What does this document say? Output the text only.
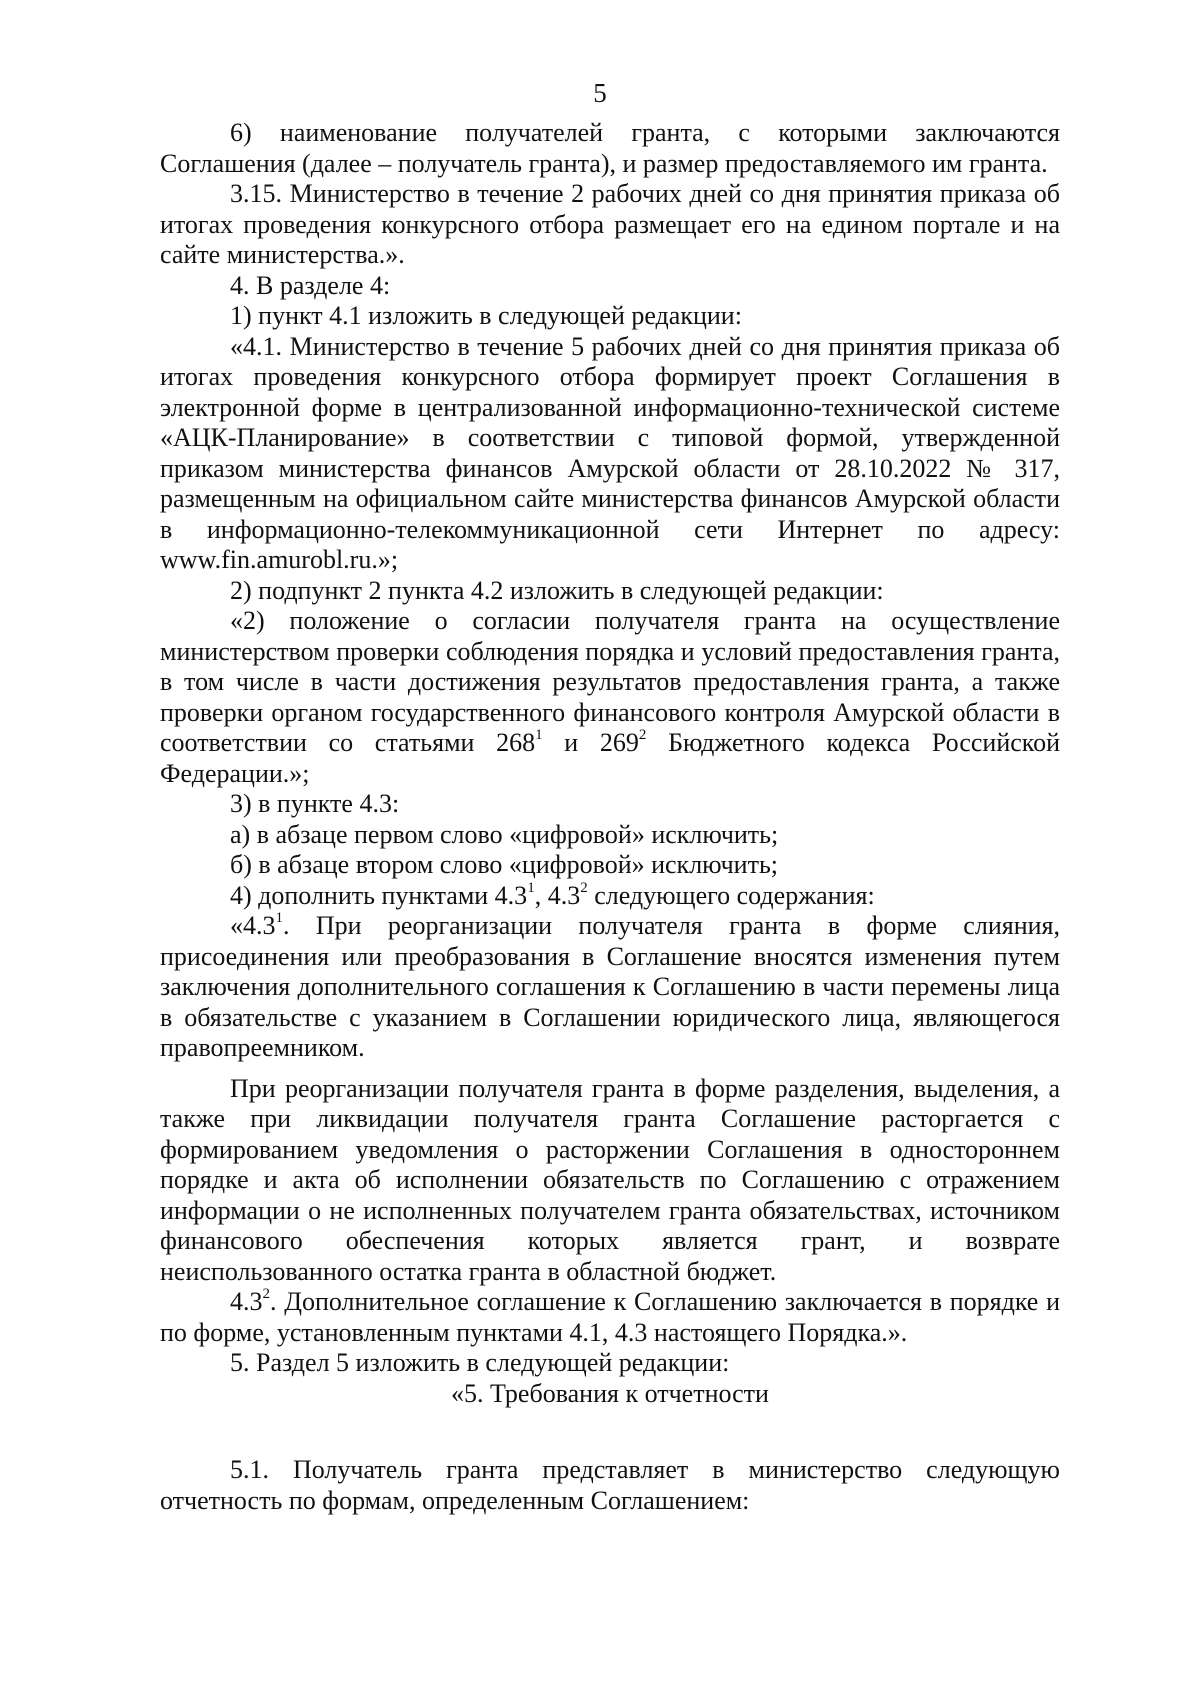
5

6) наименование получателей гранта, с которыми заключаются Соглашения (далее – получатель гранта), и размер предоставляемого им гранта.

3.15. Министерство в течение 2 рабочих дней со дня принятия приказа об итогах проведения конкурсного отбора размещает его на едином портале и на сайте министерства.».

4. В разделе 4:

1) пункт 4.1 изложить в следующей редакции:

«4.1. Министерство в течение 5 рабочих дней со дня принятия приказа об итогах проведения конкурсного отбора формирует проект Соглашения в электронной форме в централизованной информационно-технической системе «АЦК-Планирование» в соответствии с типовой формой, утвержденной приказом министерства финансов Амурской области от 28.10.2022 № 317, размещенным на официальном сайте министерства финансов Амурской области в информационно-телекоммуникационной сети Интернет по адресу: www.fin.amurobl.ru.»;

2) подпункт 2 пункта 4.2 изложить в следующей редакции:

«2) положение о согласии получателя гранта на осуществление министерством проверки соблюдения порядка и условий предоставления гранта, в том числе в части достижения результатов предоставления гранта, а также проверки органом государственного финансового контроля Амурской области в соответствии со статьями $268^1$ и $269^2$ Бюджетного кодекса Российской Федерации.»;

3) в пункте 4.3:

а) в абзаце первом слово «цифровой» исключить;

б) в абзаце втором слово «цифровой» исключить;

4) дополнить пунктами $4.3^1$, $4.3^2$ следующего содержания:

«$4.3^1$. При реорганизации получателя гранта в форме слияния, присоединения или преобразования в Соглашение вносятся изменения путем заключения дополнительного соглашения к Соглашению в части перемены лица в обязательстве с указанием в Соглашении юридического лица, являющегося правопреемником.

При реорганизации получателя гранта в форме разделения, выделения, а также при ликвидации получателя гранта Соглашение расторгается с формированием уведомления о расторжении Соглашения в одностороннем порядке и акта об исполнении обязательств по Соглашению с отражением информации о не исполненных получателем гранта обязательствах, источником финансового обеспечения которых является грант, и возврате неиспользованного остатка гранта в областной бюджет.

$4.3^2$. Дополнительное соглашение к Соглашению заключается в порядке и по форме, установленным пунктами 4.1, 4.3 настоящего Порядка.».

5. Раздел 5 изложить в следующей редакции:

«5. Требования к отчетности

5.1. Получатель гранта представляет в министерство следующую отчетность по формам, определенным Соглашением:
